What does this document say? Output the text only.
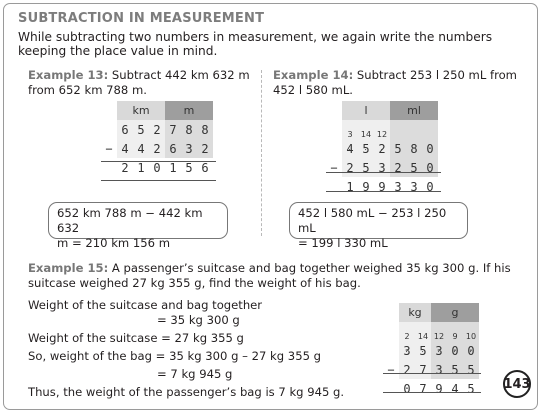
SUBTRACTION IN MEASUREMENT
While subtracting two numbers in measurement, we again write the numbers
keeping the place value in mind.
Example 13: Subtract 442 km 632 m
from 652 km 788 m.
	km			m		
	6	5	2	7	8	8
−	4	4	2	6	3	2
	2	1	0	1	5	6
652 km 788 m − 442 km 632
m = 210 km 156 m
Example 14: Subtract 253 l 250 mL from
452 l 580 mL.
	l			ml		
	3	14	12			
	4	5	2	5	8	0
−	2	5	3	2	5	0
	1	9	9	3	3	0
452 l 580 mL − 253 l 250 mL
= 199 l 330 mL
Example 15: A passenger’s suitcase and bag together weighed 35 kg 300 g. If his
suitcase weighed 27 kg 355 g, find the weight of his bag.
Weight of the suitcase and bag together
= 35 kg 300 g
Weight of the suitcase = 27 kg 355 g
So, weight of the bag = 35 kg 300 g – 27 kg 355 g
= 7 kg 945 g
Thus, the weight of the passenger’s bag is 7 kg 945 g.
	kg		g		
	2	14	12	9	10
	3	5	3	0	0
−	2	7	3	5	5
	0	7	9	4	5 143
